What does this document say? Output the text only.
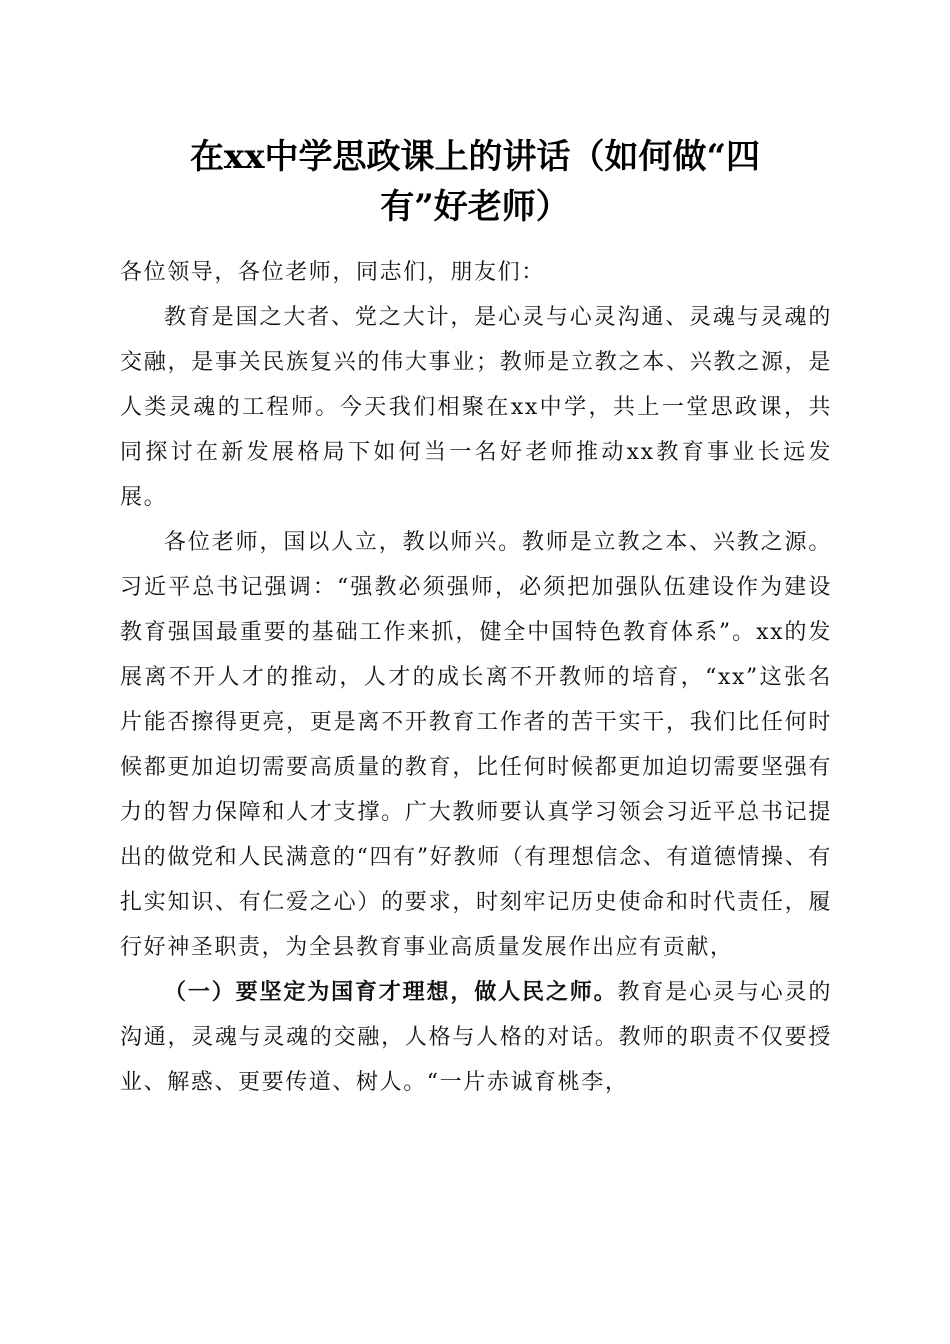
在xx中学思政课上的讲话（如何做“四
有”好老师）

各位领导，各位老师，同志们，朋友们：

教育是国之大者、党之大计，是心灵与心灵沟通、灵魂与灵魂的交融，是事关民族复兴的伟大事业；教师是立教之本、兴教之源，是人类灵魂的工程师。今天我们相聚在xx中学，共上一堂思政课，共同探讨在新发展格局下如何当一名好老师推动xx教育事业长远发展。

各位老师，国以人立，教以师兴。教师是立教之本、兴教之源。习近平总书记强调：“强教必须强师，必须把加强队伍建设作为建设教育强国最重要的基础工作来抓，健全中国特色教育体系”。xx的发展离不开人才的推动，人才的成长离不开教师的培育，“xx”这张名片能否擦得更亮，更是离不开教育工作者的苦干实干，我们比任何时候都更加迫切需要高质量的教育，比任何时候都更加迫切需要坚强有力的智力保障和人才支撑。广大教师要认真学习领会习近平总书记提出的做党和人民满意的“四有”好教师（有理想信念、有道德情操、有扎实知识、有仁爱之心）的要求，时刻牢记历史使命和时代责任，履行好神圣职责，为全县教育事业高质量发展作出应有贡献，

（一）要坚定为国育才理想，做人民之师。教育是心灵与心灵的沟通，灵魂与灵魂的交融，人格与人格的对话。教师的职责不仅要授业、解惑、更要传道、树人。“一片赤诚育桃李，
